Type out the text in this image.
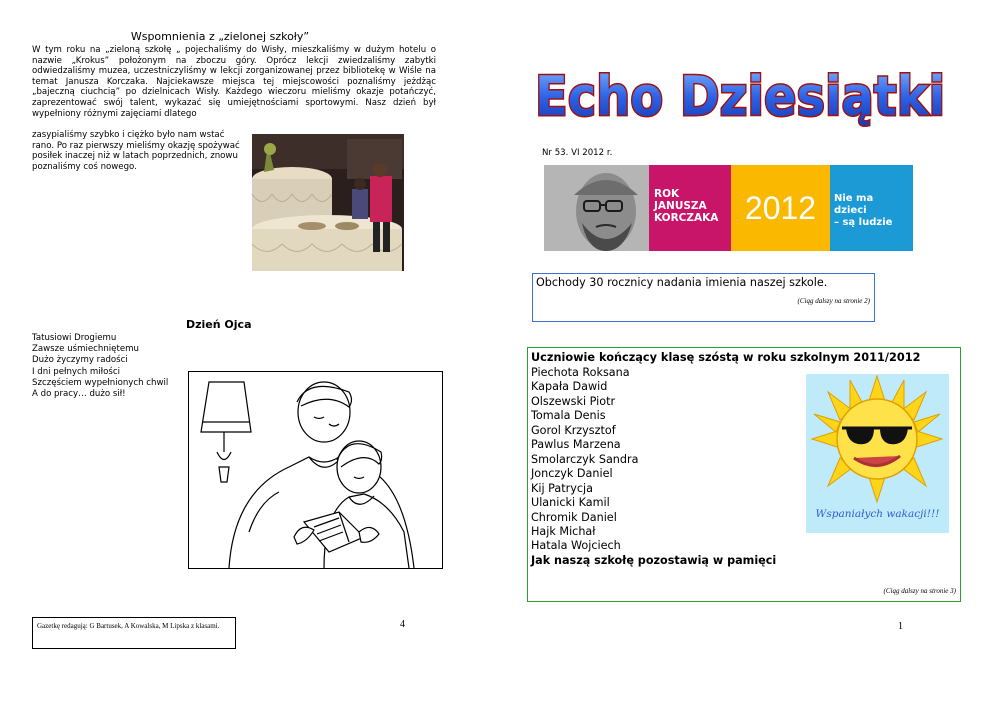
Wspomnienia z „zielonej szkoły”
W tym roku na „zieloną szkołę „ pojechaliśmy do Wisły, mieszkaliśmy w dużym hotelu o nazwie „Krokus” położonym na zboczu góry. Oprócz lekcji zwiedzaliśmy zabytki odwiedzaliśmy muzea, uczestniczyliśmy w lekcji zorganizowanej przez bibliotekę w Wiśle na temat Janusza Korczaka. Najciekawsze miejsca tej miejscowości poznaliśmy jeżdżąc „bajeczną ciuchcią” po dzielnicach Wisły. Każdego wieczoru mieliśmy okazje potańczyć, zaprezentować swój talent, wykazać się umiejętnościami sportowymi. Nasz dzień był wypełniony różnymi zajęciami dlatego
zasypialiśmy szybko i ciężko było nam wstać rano. Po raz pierwszy mieliśmy okazję spożywać posiłek inaczej niż w latach poprzednich, znowu poznaliśmy coś nowego.
Dzień Ojca
Tatusiowi Drogiemu
Zawsze uśmiechniętemu
Dużo życzymy radości
I dni pełnych miłości
Szczęściem wypełnionych chwil
A do pracy… dużo sił!
Gazetkę redagują: G Bartusek, A Kowalska, M Lipska z klasami.	4
Echo Dziesiątki
Nr 53. VI 2012 r.
ROK
JANUSZA
KORCZAKA 2012	Nie ma
dzieci
– są ludzie
Obchody 30 rocznicy nadania imienia naszej szkole.
(Ciąg dalszy na stronie 2)
Uczniowie kończący klasę szóstą w roku szkolnym 2011/2012
Piechota Roksana
Kapała Dawid
Olszewski Piotr
Tomala Denis
Gorol Krzysztof
Pawlus Marzena
Smolarczyk Sandra
Jonczyk Daniel
Kij Patrycja
Ulanicki Kamil
Chromik Daniel
Hajk Michał
Hatala Wojciech
Jak naszą szkołę pozostawią w pamięci
(Ciąg dalszy na stronie 3)
Wspaniałych wakacji!!!
1
